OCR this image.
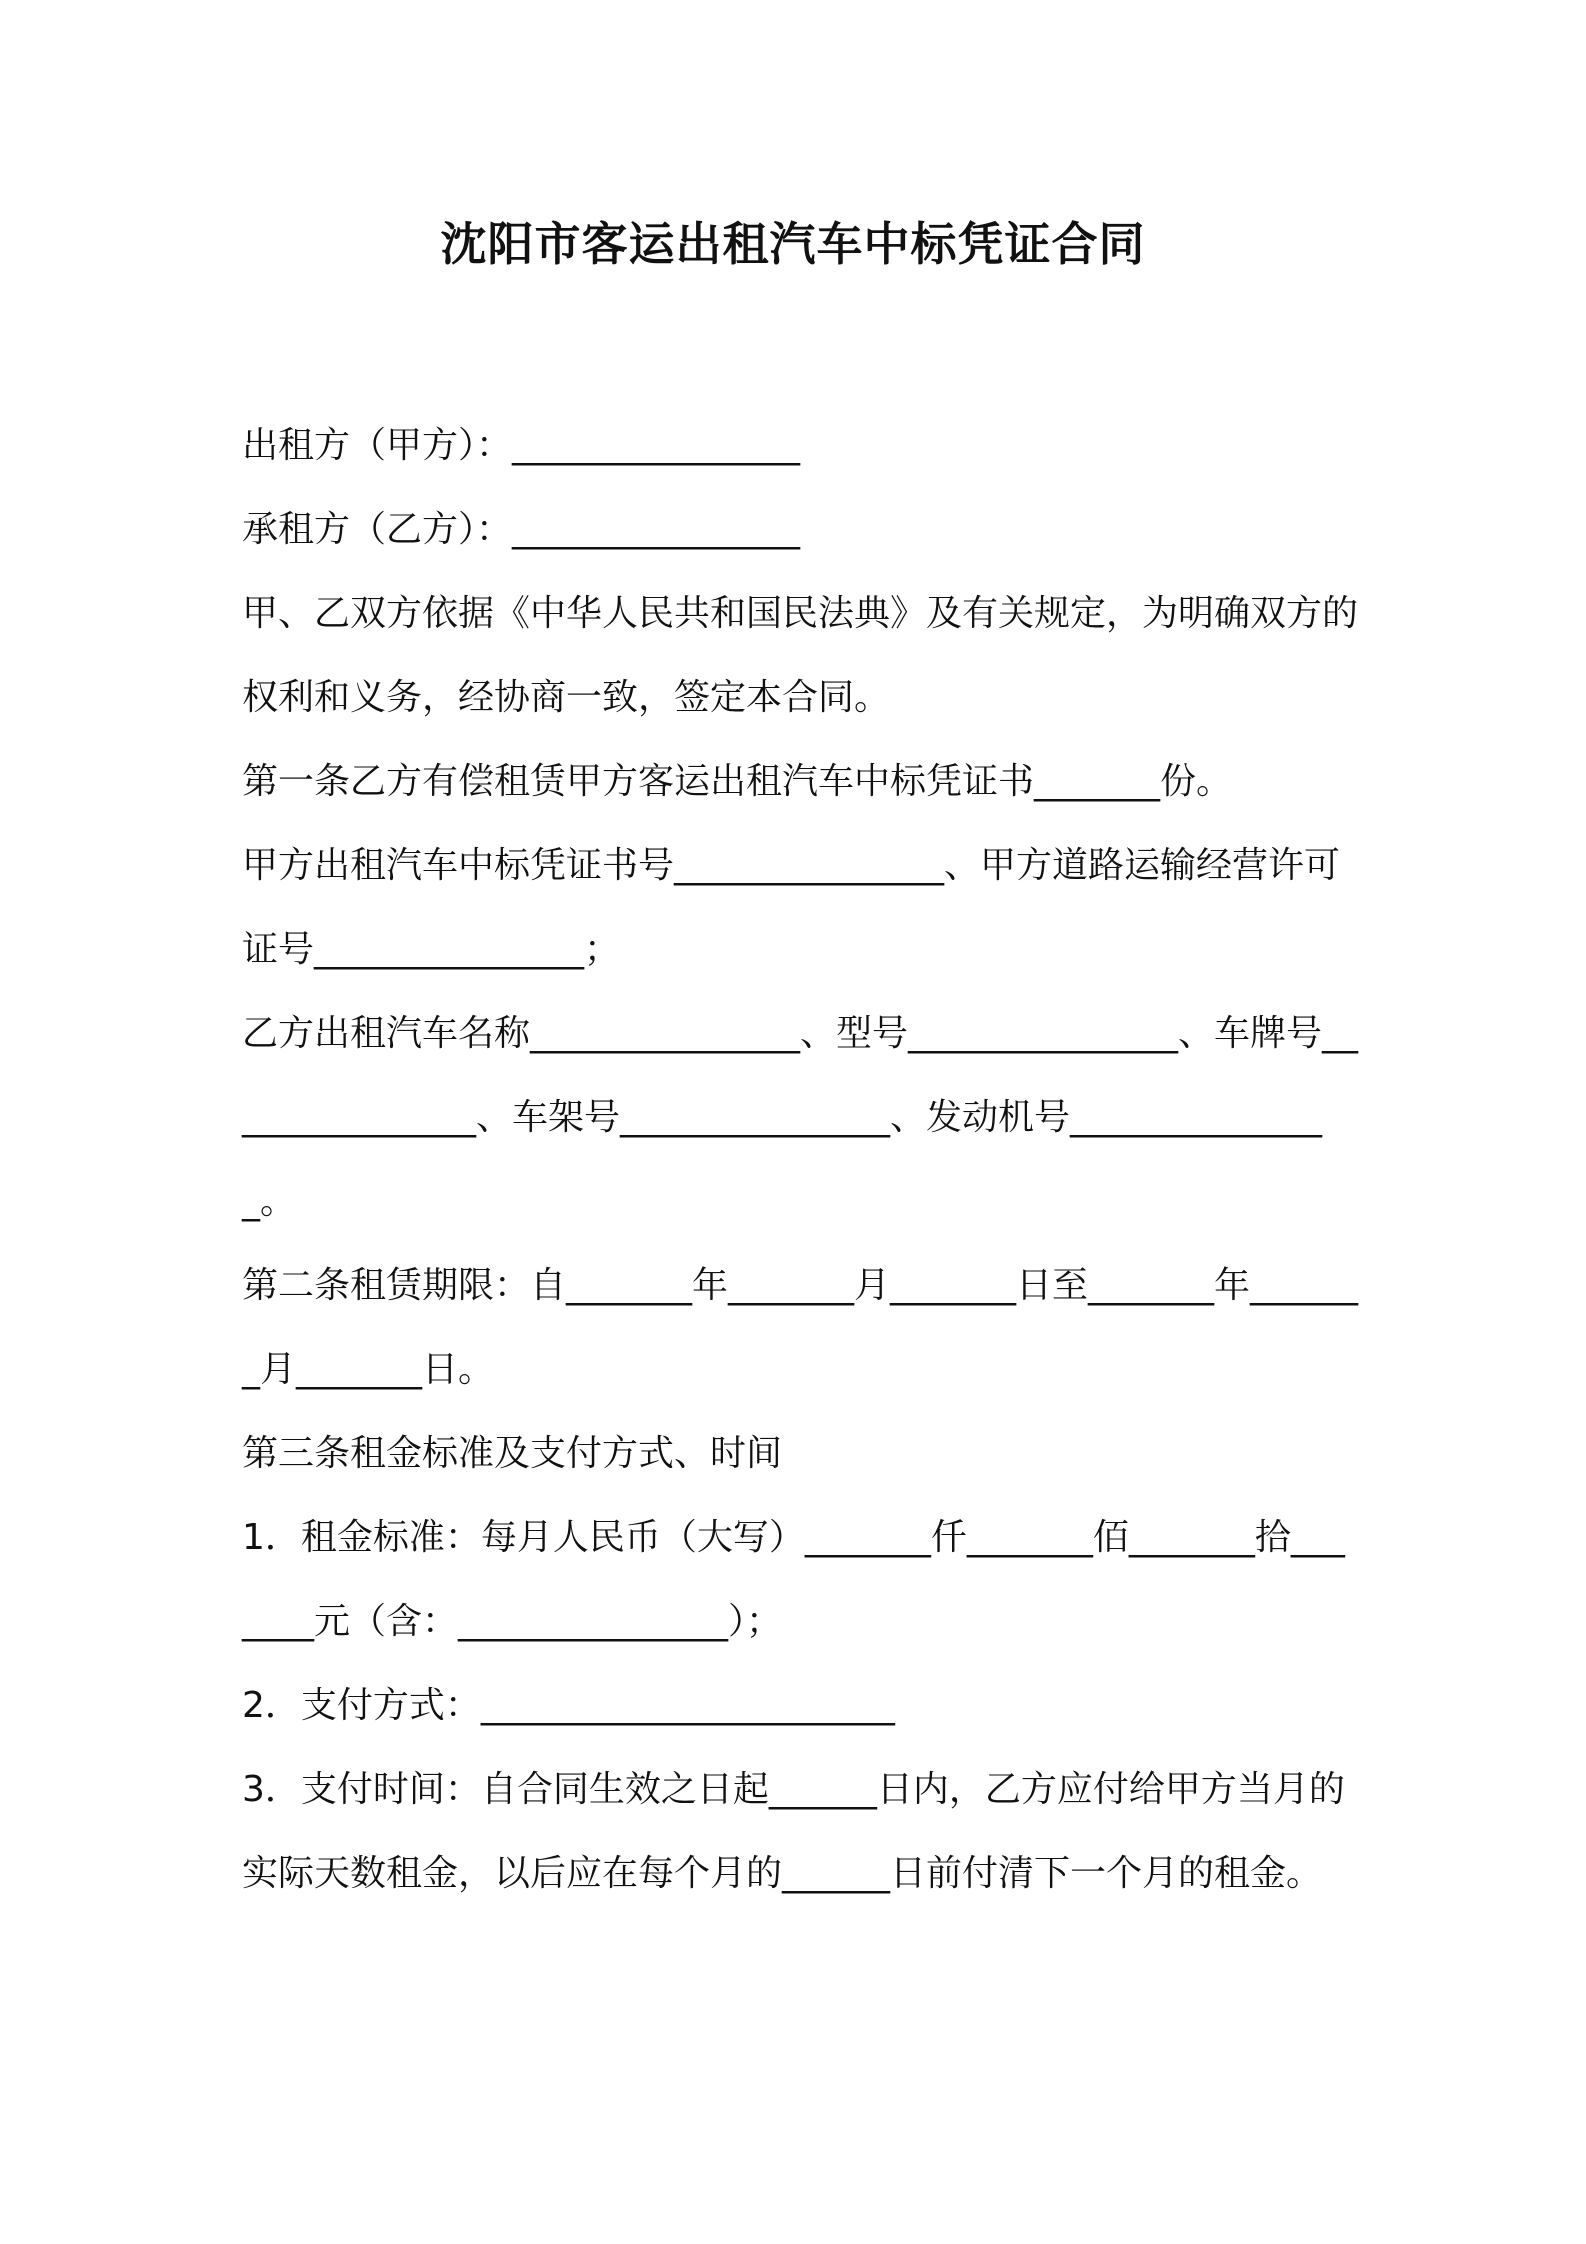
沈阳市客运出租汽车中标凭证合同

出租方（甲方）：________________

承租方（乙方）：________________

甲、乙双方依据《中华人民共和国民法典》及有关规定，为明确双方的权利和义务，经协商一致，签定本合同。

第一条乙方有偿租赁甲方客运出租汽车中标凭证书_______份。

甲方出租汽车中标凭证书号_______________、甲方道路运输经营许可证号_______________；

乙方出租汽车名称_______________、型号_______________、车牌号_______________、车架号_______________、发动机号_______________。

第二条租赁期限：自_______年_______月_______日至_______年_______月_______日。

第三条租金标准及支付方式、时间

1．租金标准：每月人民币（大写）_______仟_______佰_______拾_______元（含：_______________）；

2．支付方式：_______________________

3．支付时间：自合同生效之日起______日内，乙方应付给甲方当月的实际天数租金，以后应在每个月的______日前付清下一个月的租金。
